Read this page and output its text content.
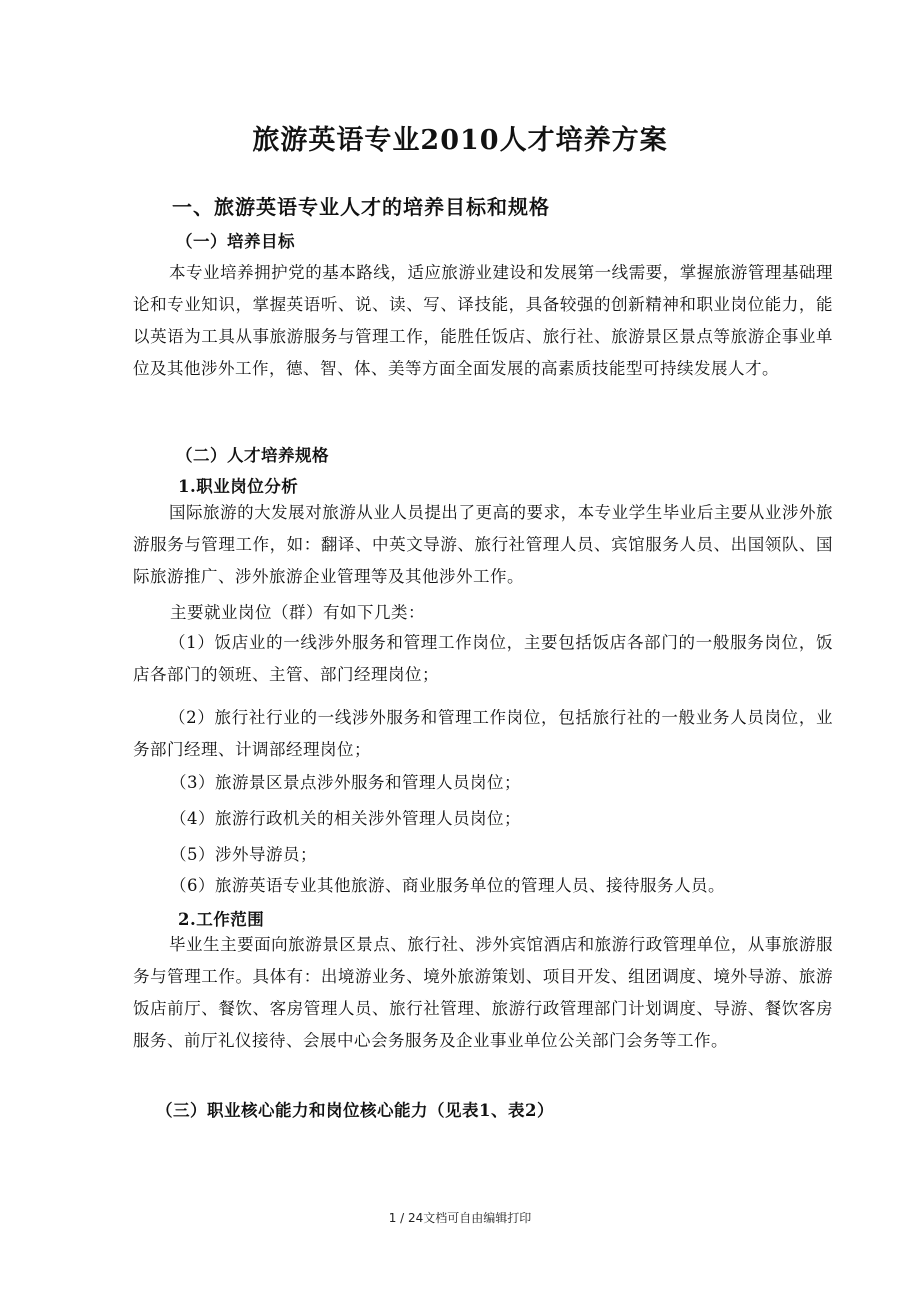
旅游英语专业2010人才培养方案
一、旅游英语专业人才的培养目标和规格
（一）培养目标
本专业培养拥护党的基本路线，适应旅游业建设和发展第一线需要，掌握旅游管理基础理论和专业知识，掌握英语听、说、读、写、译技能，具备较强的创新精神和职业岗位能力，能以英语为工具从事旅游服务与管理工作，能胜任饭店、旅行社、旅游景区景点等旅游企事业单位及其他涉外工作，德、智、体、美等方面全面发展的高素质技能型可持续发展人才。
（二）人才培养规格
1.职业岗位分析
国际旅游的大发展对旅游从业人员提出了更高的要求，本专业学生毕业后主要从业涉外旅游服务与管理工作，如：翻译、中英文导游、旅行社管理人员、宾馆服务人员、出国领队、国际旅游推广、涉外旅游企业管理等及其他涉外工作。
主要就业岗位（群）有如下几类：
（1）饭店业的一线涉外服务和管理工作岗位，主要包括饭店各部门的一般服务岗位，饭店各部门的领班、主管、部门经理岗位；
（2）旅行社行业的一线涉外服务和管理工作岗位，包括旅行社的一般业务人员岗位，业务部门经理、计调部经理岗位；
（3）旅游景区景点涉外服务和管理人员岗位；
（4）旅游行政机关的相关涉外管理人员岗位；
（5）涉外导游员；
（6）旅游英语专业其他旅游、商业服务单位的管理人员、接待服务人员。
2.工作范围
毕业生主要面向旅游景区景点、旅行社、涉外宾馆酒店和旅游行政管理单位，从事旅游服务与管理工作。具体有：出境游业务、境外旅游策划、项目开发、组团调度、境外导游、旅游饭店前厅、餐饮、客房管理人员、旅行社管理、旅游行政管理部门计划调度、导游、餐饮客房服务、前厅礼仪接待、会展中心会务服务及企业事业单位公关部门会务等工作。
（三）职业核心能力和岗位核心能力（见表1、表2）
1 / 24文档可自由编辑打印
